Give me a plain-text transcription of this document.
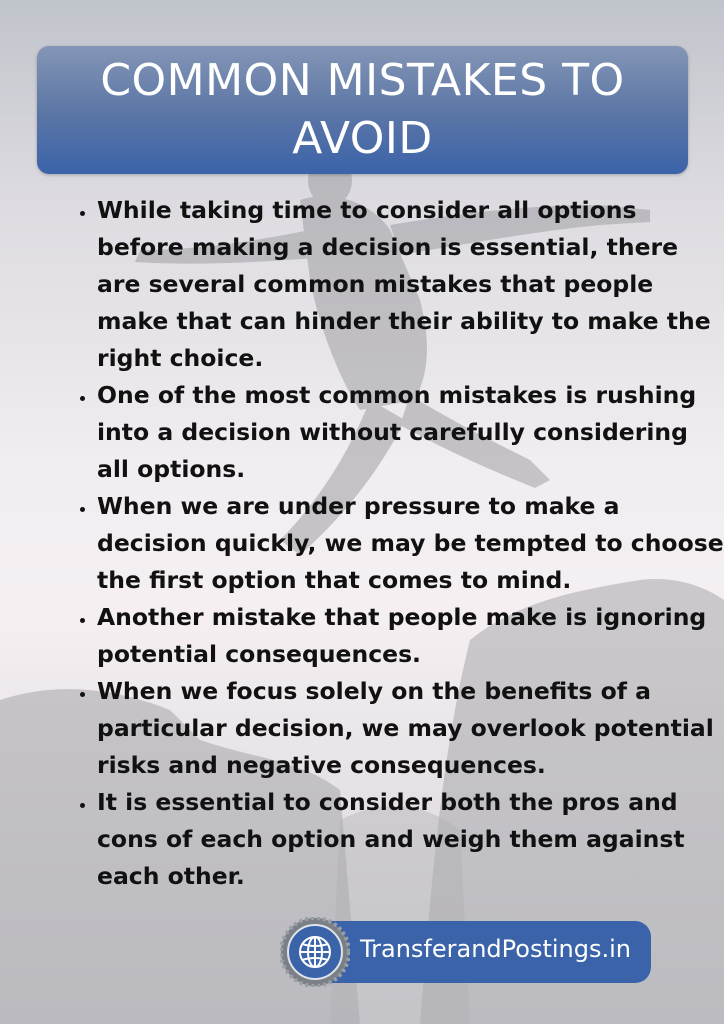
COMMON MISTAKES TO AVOID
• While taking time to consider all options before making a decision is essential, there are several common mistakes that people make that can hinder their ability to make the right choice.
• One of the most common mistakes is rushing into a decision without carefully considering all options.
• When we are under pressure to make a decision quickly, we may be tempted to choose the first option that comes to mind.
• Another mistake that people make is ignoring potential consequences.
• When we focus solely on the benefits of a particular decision, we may overlook potential risks and negative consequences.
• It is essential to consider both the pros and cons of each option and weigh them against each other.
TransferandPostings.in
